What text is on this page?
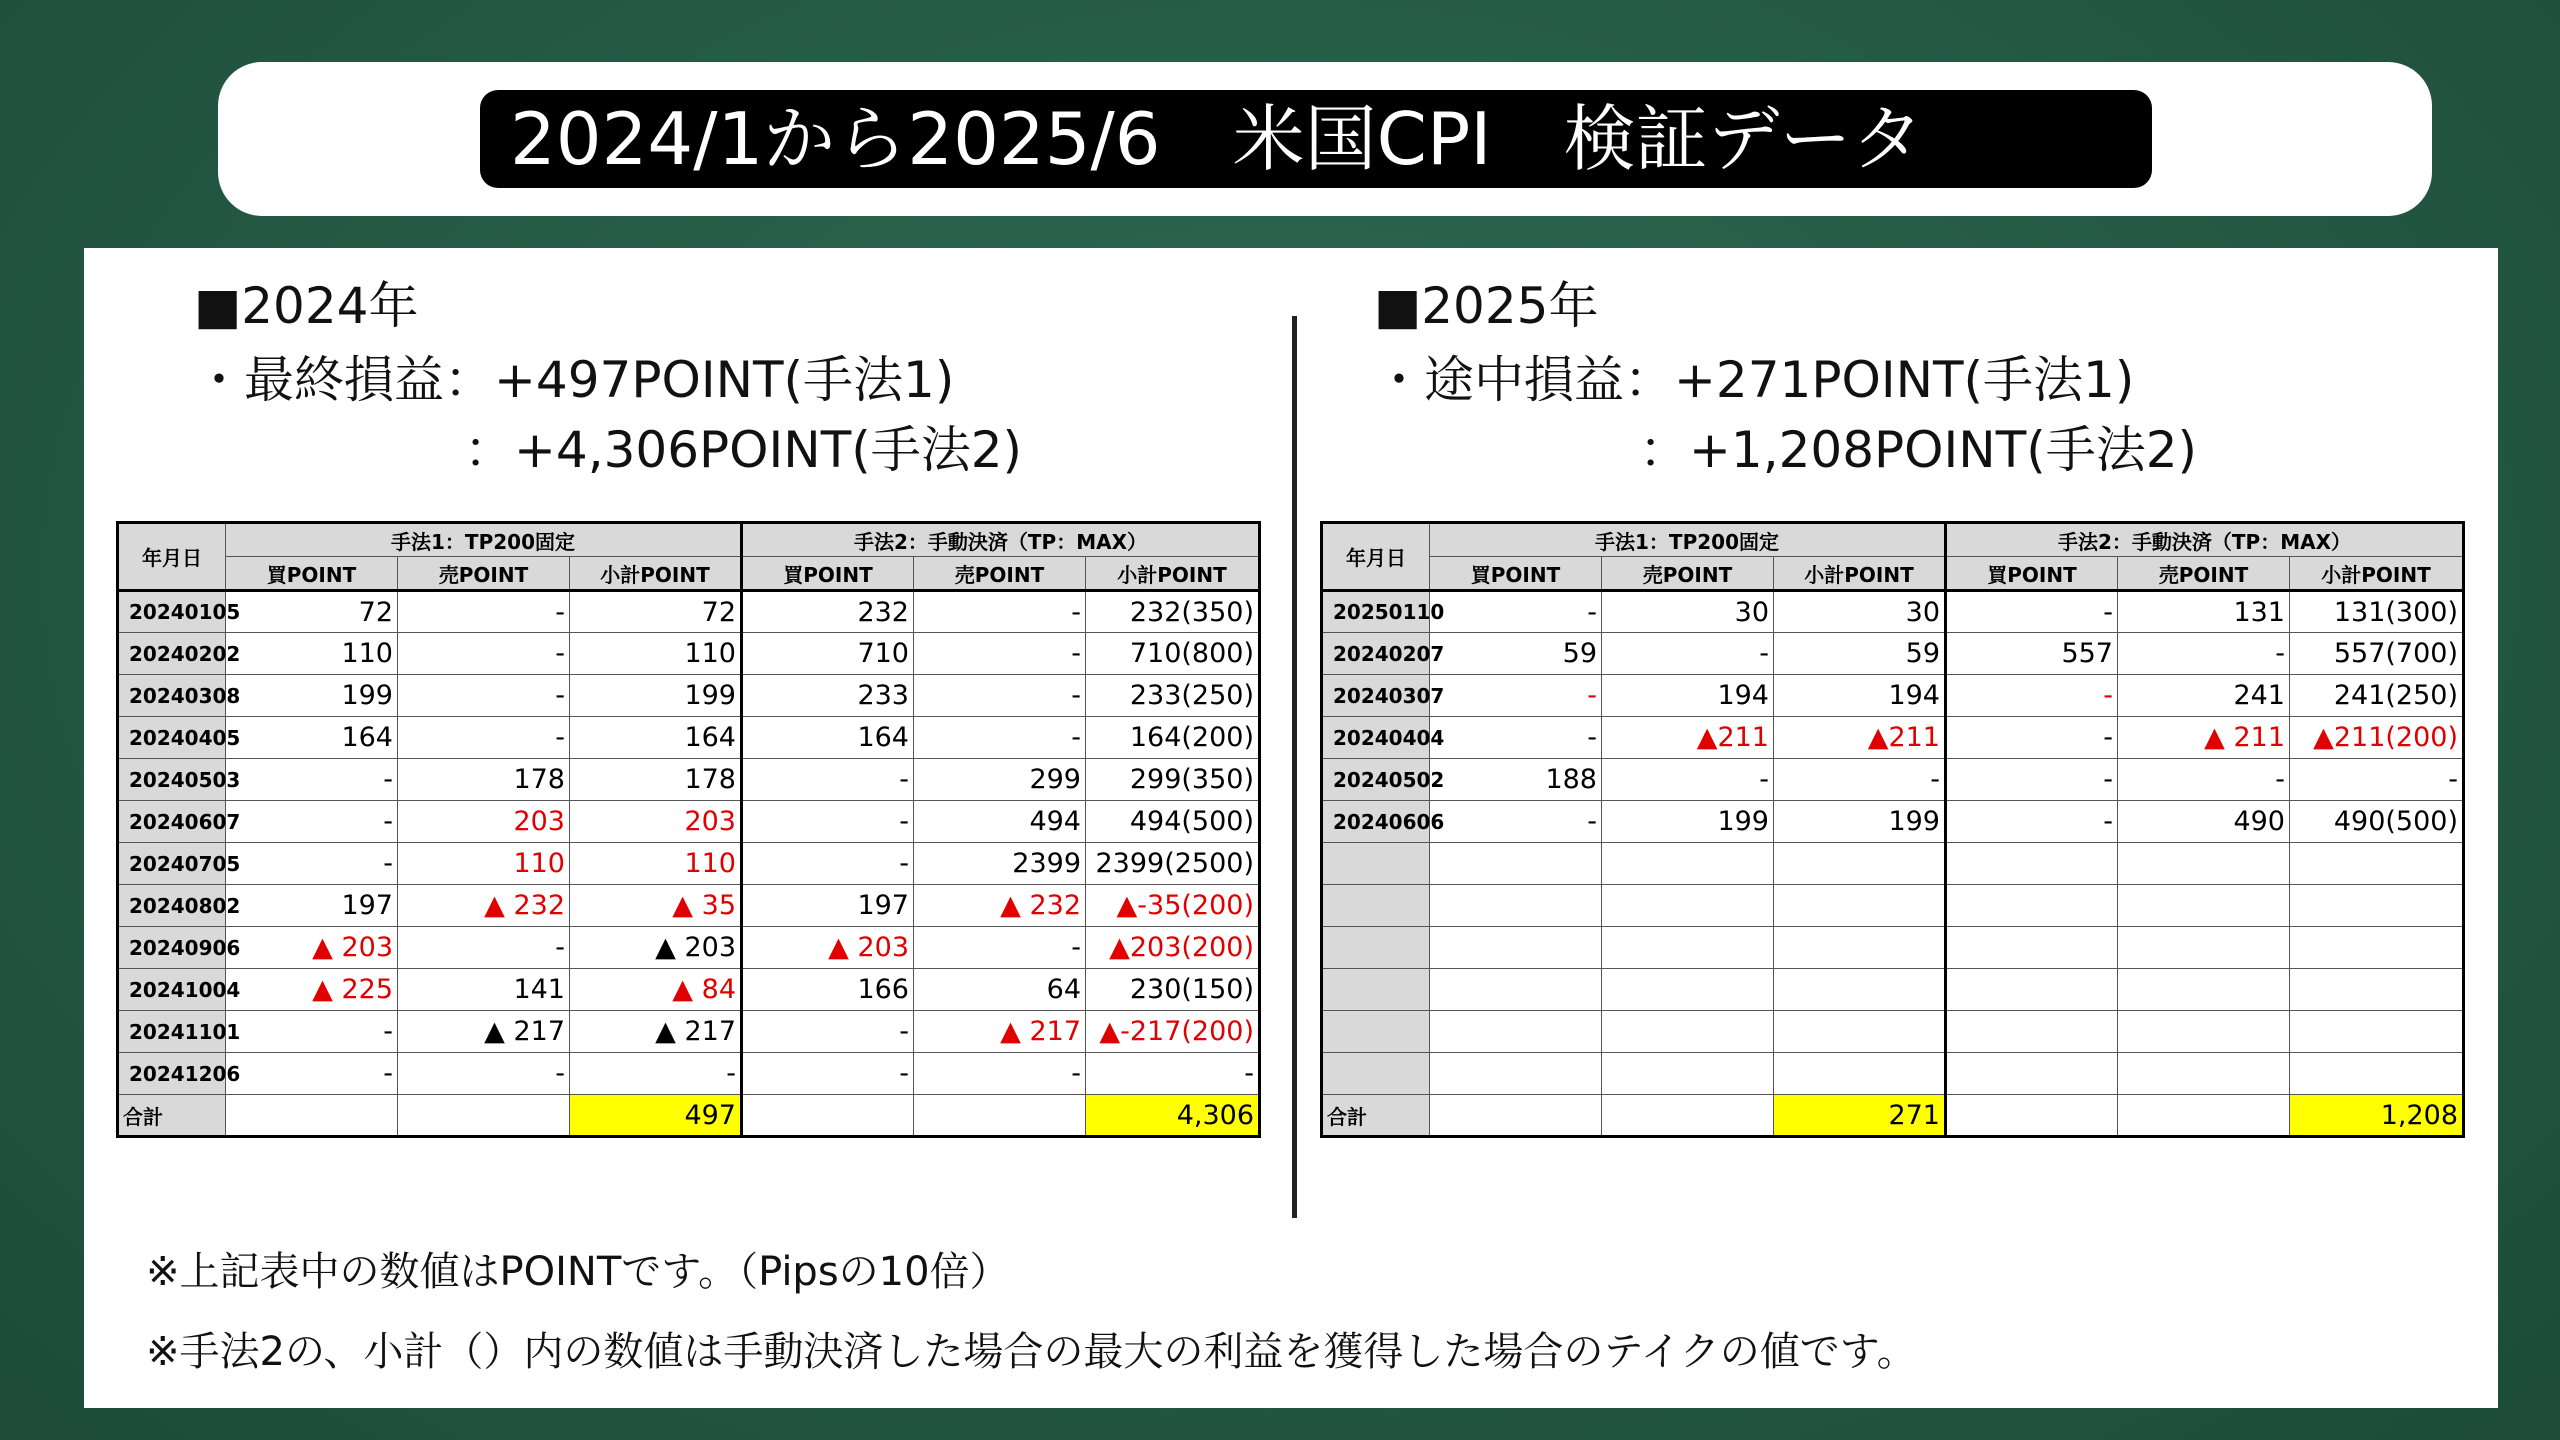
2024/1から2025/6　米国CPI　検証データ
■2024年
・最終損益：+497POINT(手法1)
：+4,306POINT(手法2)
■2025年
・途中損益：+271POINT(手法1)
：+1,208POINT(手法2)
年月日	手法1：TP200固定			手法2：手動決済（TP：MAX）		
	買POINT	売POINT	小計POINT	買POINT	売POINT	小計POINT
20240105	72	-	72	232	-	232(350)
20240202	110	-	110	710	-	710(800)
20240308	199	-	199	233	-	233(250)
20240405	164	-	164	164	-	164(200)
20240503	-	178	178	-	299	299(350)
20240607	-	203	203	-	494	494(500)
20240705	-	110	110	-	2399	2399(2500)
20240802	197	▲ 232	▲ 35	197	▲ 232	▲-35(200)
20240906	▲ 203	-	▲ 203	▲ 203	-	▲203(200)
20241004	▲ 225	141	▲ 84	166	64	230(150)
20241101	-	▲ 217	▲ 217	-	▲ 217	▲-217(200)
20241206	-	-	-	-	-	-
合計			497			4,306
年月日	手法1：TP200固定			手法2：手動決済（TP：MAX）		
	買POINT	売POINT	小計POINT	買POINT	売POINT	小計POINT
20250110	-	30	30	-	131	131(300)
20240207	59	-	59	557	-	557(700)
20240307	-	194	194	-	241	241(250)
20240404	-	▲211	▲211	-	▲ 211	▲211(200)
20240502	188	-	-	-	-	-
20240606	-	199	199	-	490	490(500)

合計			271			1,208
※上記表中の数値はPOINTです。（Pipsの10倍）
※手法2の、小計（）内の数値は手動決済した場合の最大の利益を獲得した場合のテイクの値です。
